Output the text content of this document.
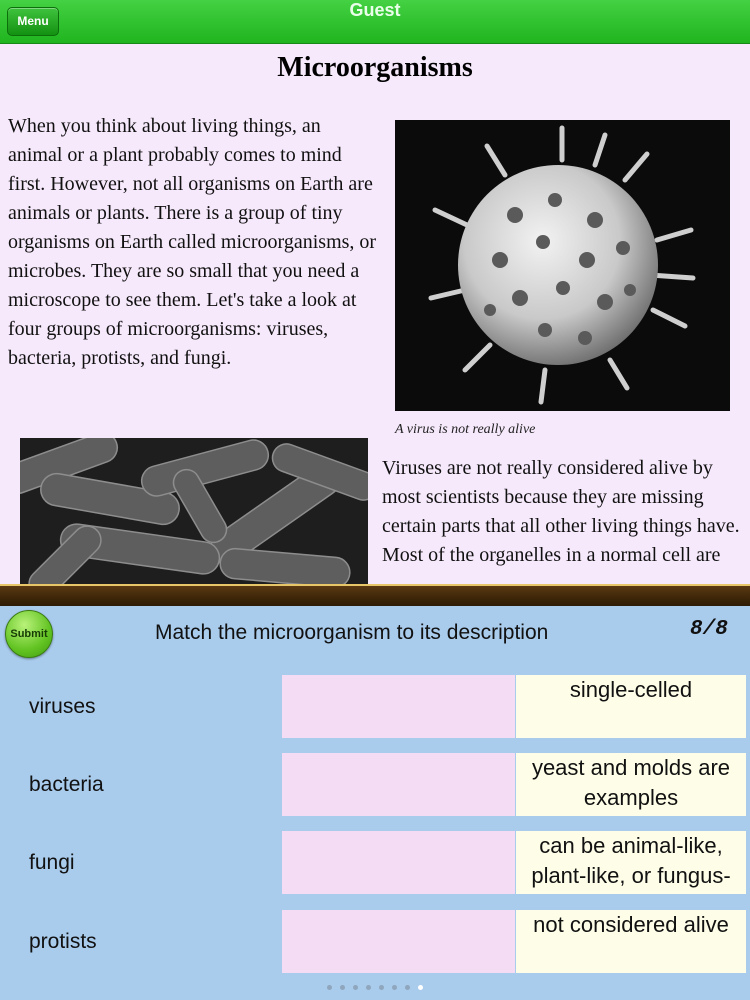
Guest
Menu
Microorganisms

When you think about living things, an animal or a plant probably comes to mind first. However, not all organisms on Earth are animals or plants. There is a group of tiny organisms on Earth called microorganisms, or microbes. They are so small that you need a microscope to see them. Let's take a look at four groups of microorganisms: viruses, bacteria, protists, and fungi.

A virus is not really alive

Viruses are not really considered alive by most scientists because they are missing certain parts that all other living things have. Most of the organelles in a normal cell are

Submit	Match the microorganism to its description	8/8
viruses
single-celled
bacteria
yeast and molds are examples
fungi
can be animal-like, plant-like, or fungus-
protists
not considered alive
